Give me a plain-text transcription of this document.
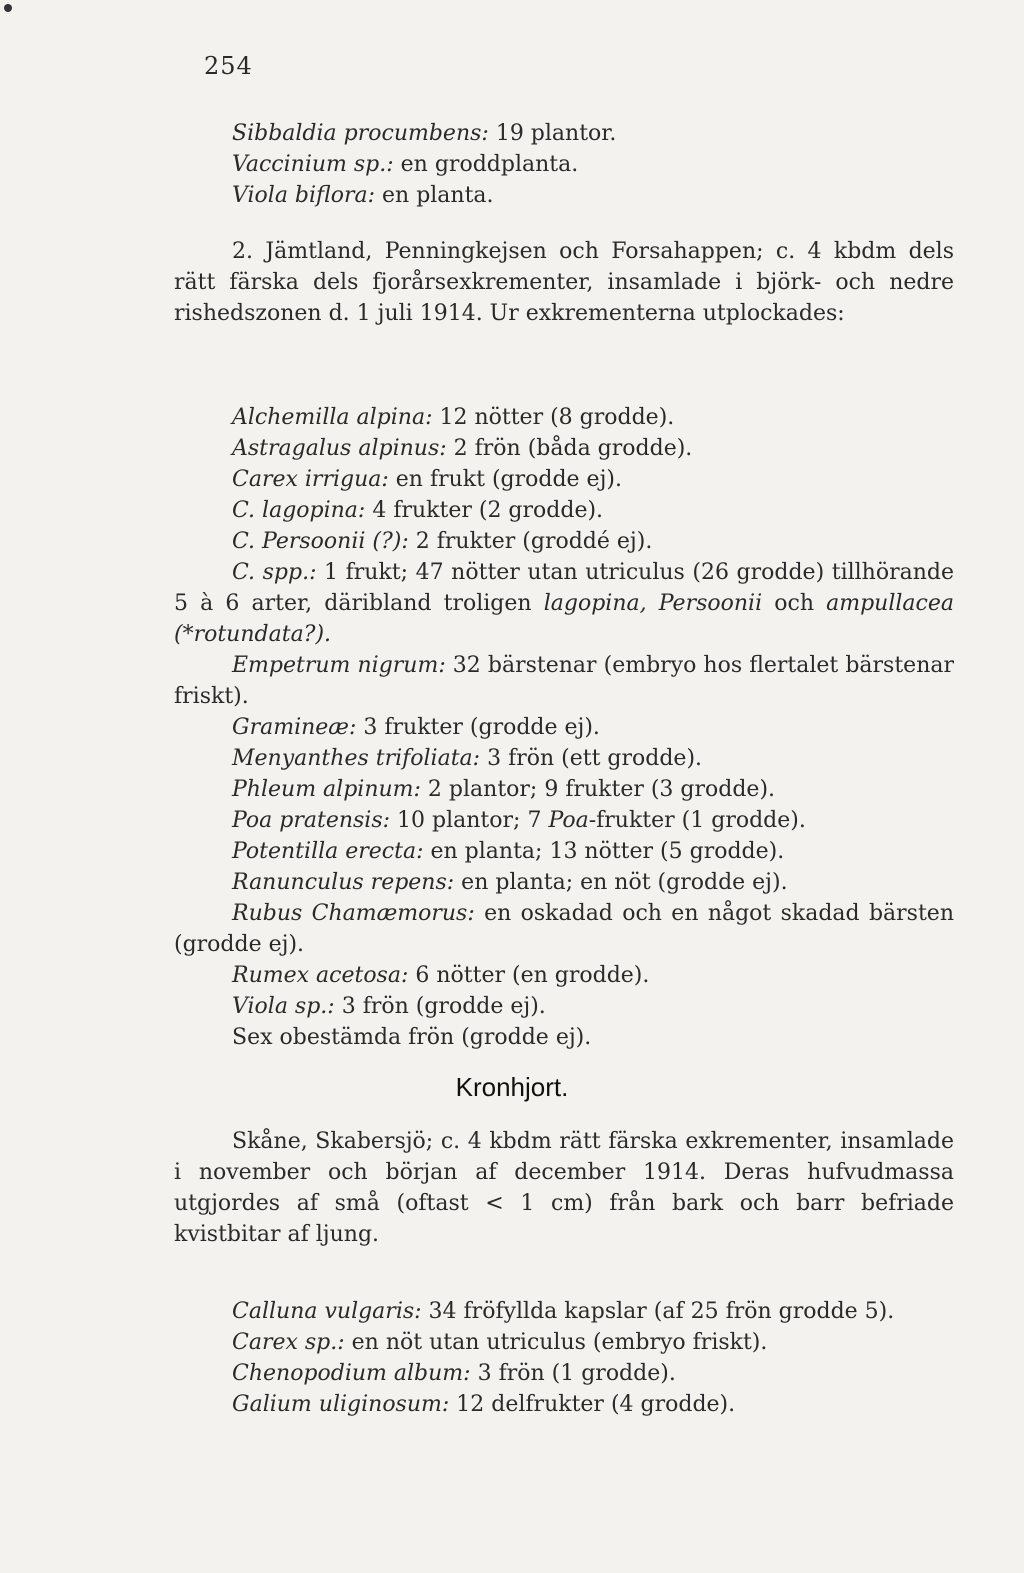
254
Sibbaldia procumbens: 19 plantor.
Vaccinium sp.: en groddplanta.
Viola biflora: en planta.
2. Jämtland, Penningkejsen och Forsahappen; c. 4 kbdm dels rätt färska dels fjorårsexkrementer, insamlade i björk- och nedre rishedszonen d. 1 juli 1914. Ur exkrementerna utplockades:
Alchemilla alpina: 12 nötter (8 grodde).
Astragalus alpinus: 2 frön (båda grodde).
Carex irrigua: en frukt (grodde ej).
C. lagopina: 4 frukter (2 grodde).
C. Persoonii (?): 2 frukter (groddé ej).
C. spp.: 1 frukt; 47 nötter utan utriculus (26 grodde) tillhörande 5 à 6 arter, däribland troligen lagopina, Persoonii och ampullacea (*rotundata?).
Empetrum nigrum: 32 bärstenar (embryo hos flertalet bärstenar friskt).
Gramineæ: 3 frukter (grodde ej).
Menyanthes trifoliata: 3 frön (ett grodde).
Phleum alpinum: 2 plantor; 9 frukter (3 grodde).
Poa pratensis: 10 plantor; 7 Poa-frukter (1 grodde).
Potentilla erecta: en planta; 13 nötter (5 grodde).
Ranunculus repens: en planta; en nöt (grodde ej).
Rubus Chamæmorus: en oskadad och en något skadad bärsten (grodde ej).
Rumex acetosa: 6 nötter (en grodde).
Viola sp.: 3 frön (grodde ej).
Sex obestämda frön (grodde ej).
Kronhjort.
Skåne, Skabersjö; c. 4 kbdm rätt färska exkrementer, insamlade i november och början af december 1914. Deras hufvudmassa utgjordes af små (oftast < 1 cm) från bark och barr befriade kvistbitar af ljung.
Calluna vulgaris: 34 fröfyllda kapslar (af 25 frön grodde 5).
Carex sp.: en nöt utan utriculus (embryo friskt).
Chenopodium album: 3 frön (1 grodde).
Galium uliginosum: 12 delfrukter (4 grodde).
